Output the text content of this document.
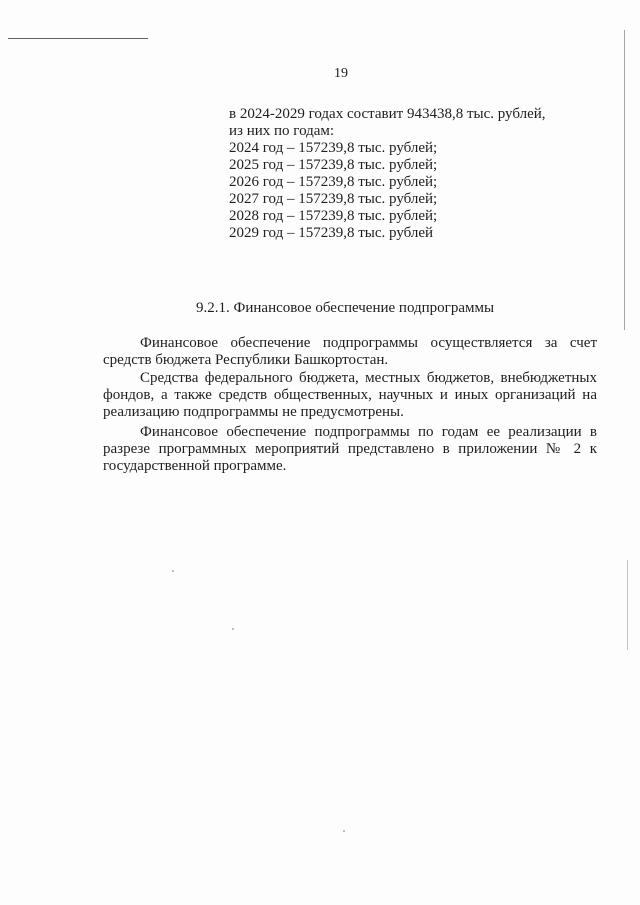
19
в 2024-2029 годах составит 943438,8 тыс. рублей,
из них по годам:
2024 год – 157239,8 тыс. рублей;
2025 год – 157239,8 тыс. рублей;
2026 год – 157239,8 тыс. рублей;
2027 год – 157239,8 тыс. рублей;
2028 год – 157239,8 тыс. рублей;
2029 год – 157239,8 тыс. рублей
9.2.1. Финансовое обеспечение подпрограммы

Финансовое обеспечение подпрограммы осуществляется за счет средств бюджета Республики Башкортостан.

Средства федерального бюджета, местных бюджетов, внебюджетных фондов, а также средств общественных, научных и иных организаций на реализацию подпрограммы не предусмотрены.

Финансовое обеспечение подпрограммы по годам ее реализации в разрезе программных мероприятий представлено в приложении № 2 к государственной программе.
